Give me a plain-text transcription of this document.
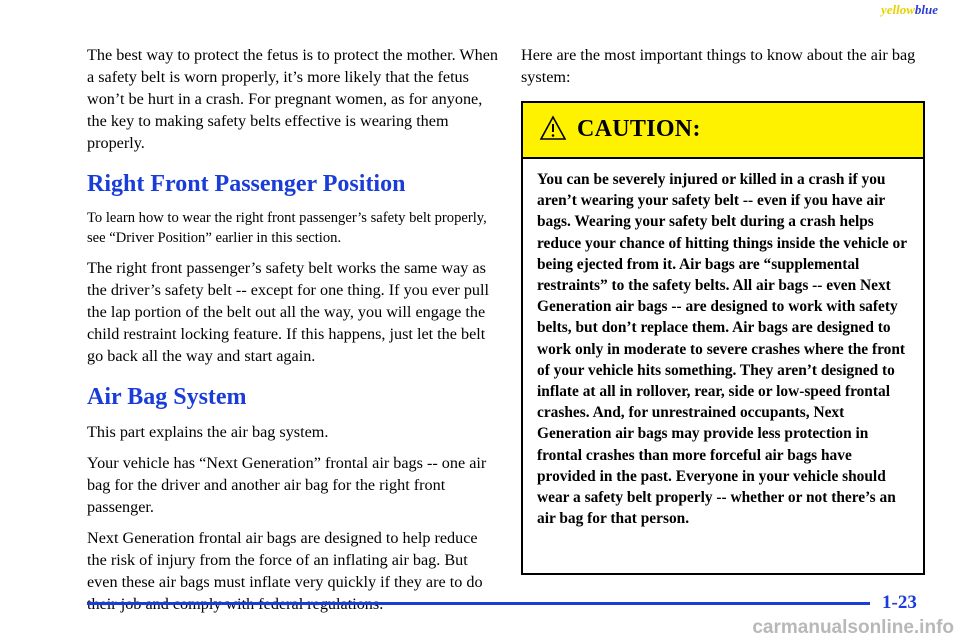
yellowblue

The best way to protect the fetus is to protect the mother. When a safety belt is worn properly, it’s more likely that the fetus won’t be hurt in a crash. For pregnant women, as for anyone, the key to making safety belts effective is wearing them properly.

Right Front Passenger Position

To learn how to wear the right front passenger’s safety belt properly, see “Driver Position” earlier in this section.

The right front passenger’s safety belt works the same way as the driver’s safety belt -- except for one thing. If you ever pull the lap portion of the belt out all the way, you will engage the child restraint locking feature. If this happens, just let the belt go back all the way and start again.

Air Bag System

This part explains the air bag system.

Your vehicle has “Next Generation” frontal air bags -- one air bag for the driver and another air bag for the right front passenger.

Next Generation frontal air bags are designed to help reduce the risk of injury from the force of an inflating air bag. But even these air bags must inflate very quickly if they are to do

Here are the most important things to know about the air bag system:

CAUTION:
You can be severely injured or killed in a crash if you aren’t wearing your safety belt -- even if you have air bags. Wearing your safety belt during a crash helps reduce your chance of hitting things inside the vehicle or being ejected from it. Air bags are “supplemental restraints” to the safety belts. All air bags -- even Next Generation air bags -- are designed to work with safety belts, but don’t replace them. Air bags are designed to work only in moderate to severe crashes where the front of your vehicle hits something. They aren’t designed to inflate at all in rollover, rear, side or low-speed frontal crashes. And, for unrestrained occupants, Next Generation air bags may provide less protection in frontal crashes than more forceful air bags have provided in the past. Everyone in your vehicle should wear a safety belt properly -- whether or not there’s an air bag for that person.
1-23
carmanualsonline.info
